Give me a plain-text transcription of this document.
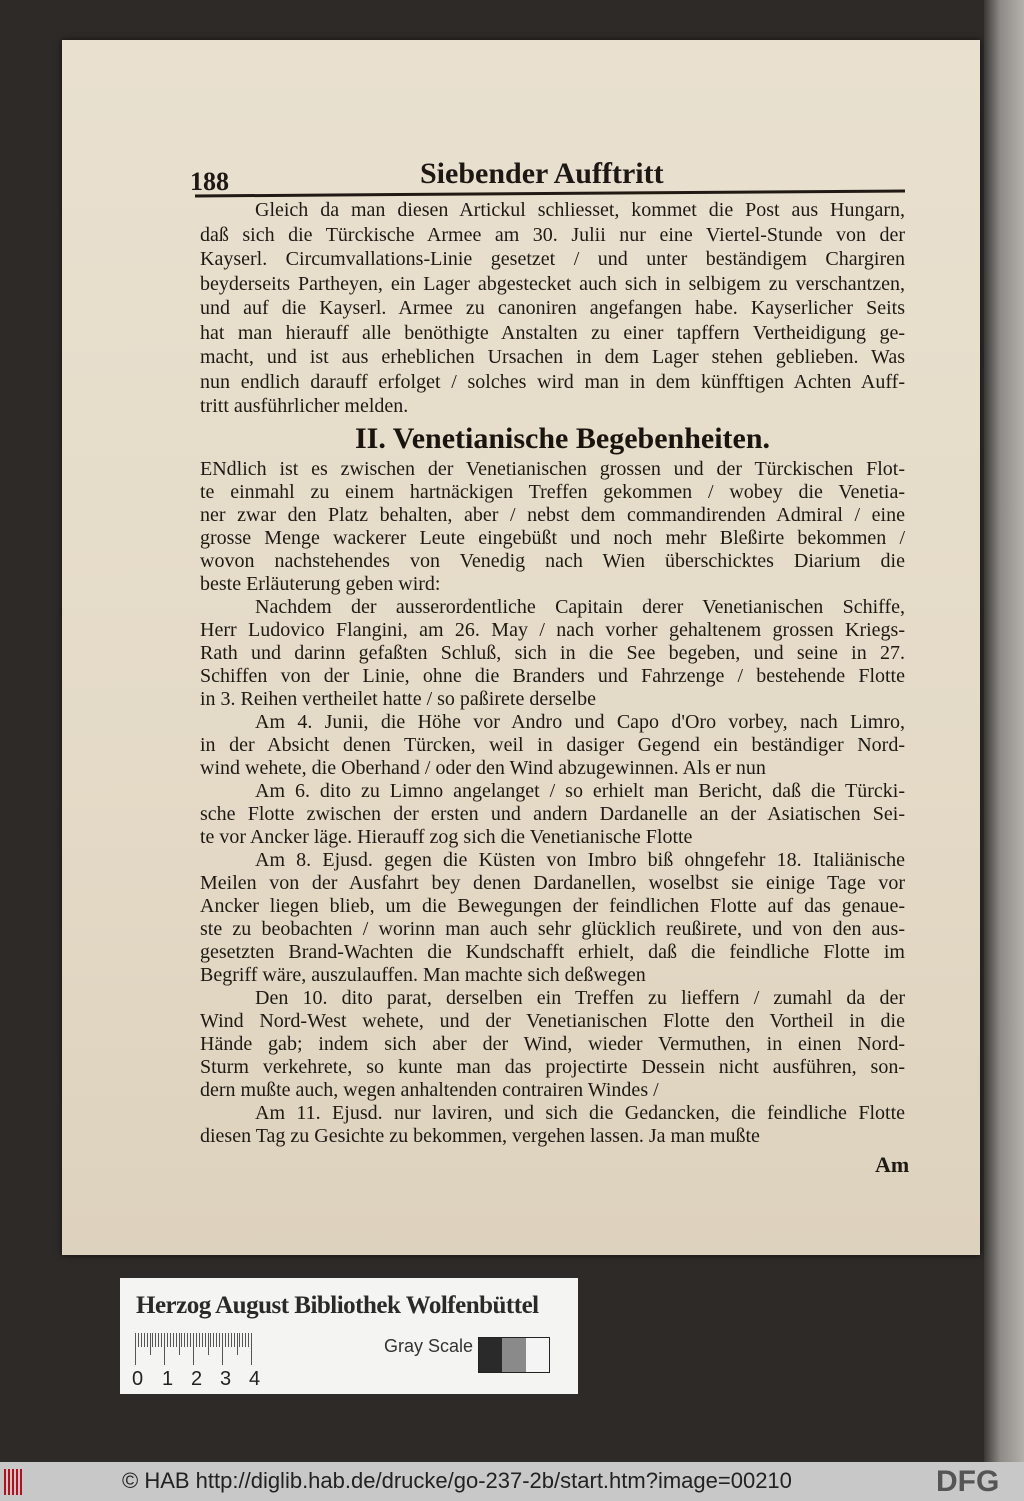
188	Siebender Aufftritt
Gleich da man diesen Artickul schliesset, kommet die Post aus Hungarn,
daß sich die Türckische Armee am 30. Julii nur eine Viertel-Stunde von der
Kayserl. Circumvallations-Linie gesetzet / und unter beständigem Chargiren
beyderseits Partheyen, ein Lager abgestecket auch sich in selbigem zu verschantzen,
und auf die Kayserl. Armee zu canoniren angefangen habe. Kayserlicher Seits
hat man hierauff alle benöthigte Anstalten zu einer tapffern Vertheidigung ge-
macht, und ist aus erheblichen Ursachen in dem Lager stehen geblieben. Was
nun endlich darauff erfolget / solches wird man in dem künfftigen Achten Auff-
tritt ausführlicher melden.
II. Venetianische Begebenheiten.
ENdlich ist es zwischen der Venetianischen grossen und der Türckischen Flot-
te einmahl zu einem hartnäckigen Treffen gekommen / wobey die Venetia-
ner zwar den Platz behalten, aber / nebst dem commandirenden Admiral / eine
grosse Menge wackerer Leute eingebüßt und noch mehr Bleßirte bekommen /
wovon nachstehendes von Venedig nach Wien überschicktes Diarium die
beste Erläuterung geben wird:
Nachdem der ausserordentliche Capitain derer Venetianischen Schiffe,
Herr Ludovico Flangini, am 26. May / nach vorher gehaltenem grossen Kriegs-
Rath und darinn gefaßten Schluß, sich in die See begeben, und seine in 27.
Schiffen von der Linie, ohne die Branders und Fahrzenge / bestehende Flotte
in 3. Reihen vertheilet hatte / so paßirete derselbe
Am 4. Junii, die Höhe vor Andro und Capo d'Oro vorbey, nach Limro,
in der Absicht denen Türcken, weil in dasiger Gegend ein beständiger Nord-
wind wehete, die Oberhand / oder den Wind abzugewinnen. Als er nun
Am 6. dito zu Limno angelanget / so erhielt man Bericht, daß die Türcki-
sche Flotte zwischen der ersten und andern Dardanelle an der Asiatischen Sei-
te vor Ancker läge. Hierauff zog sich die Venetianische Flotte
Am 8. Ejusd. gegen die Küsten von Imbro biß ohngefehr 18. Italiänische
Meilen von der Ausfahrt bey denen Dardanellen, woselbst sie einige Tage vor
Ancker liegen blieb, um die Bewegungen der feindlichen Flotte auf das genaue-
ste zu beobachten / worinn man auch sehr glücklich reußirete, und von den aus-
gesetzten Brand-Wachten die Kundschafft erhielt, daß die feindliche Flotte im
Begriff wäre, auszulauffen. Man machte sich deßwegen
Den 10. dito parat, derselben ein Treffen zu lieffern / zumahl da der
Wind Nord-West wehete, und der Venetianischen Flotte den Vortheil in die
Hände gab; indem sich aber der Wind, wieder Vermuthen, in einen Nord-
Sturm verkehrete, so kunte man das projectirte Dessein nicht ausführen, son-
dern mußte auch, wegen anhaltenden contrairen Windes /
Am 11. Ejusd. nur laviren, und sich die Gedancken, die feindliche Flotte
diesen Tag zu Gesichte zu bekommen, vergehen lassen. Ja man mußte
Am
Herzog August Bibliothek Wolfenbüttel
0 1 2 3 4
Gray Scale
© HAB http://diglib.hab.de/drucke/go-237-2b/start.htm?image=00210	DFG
